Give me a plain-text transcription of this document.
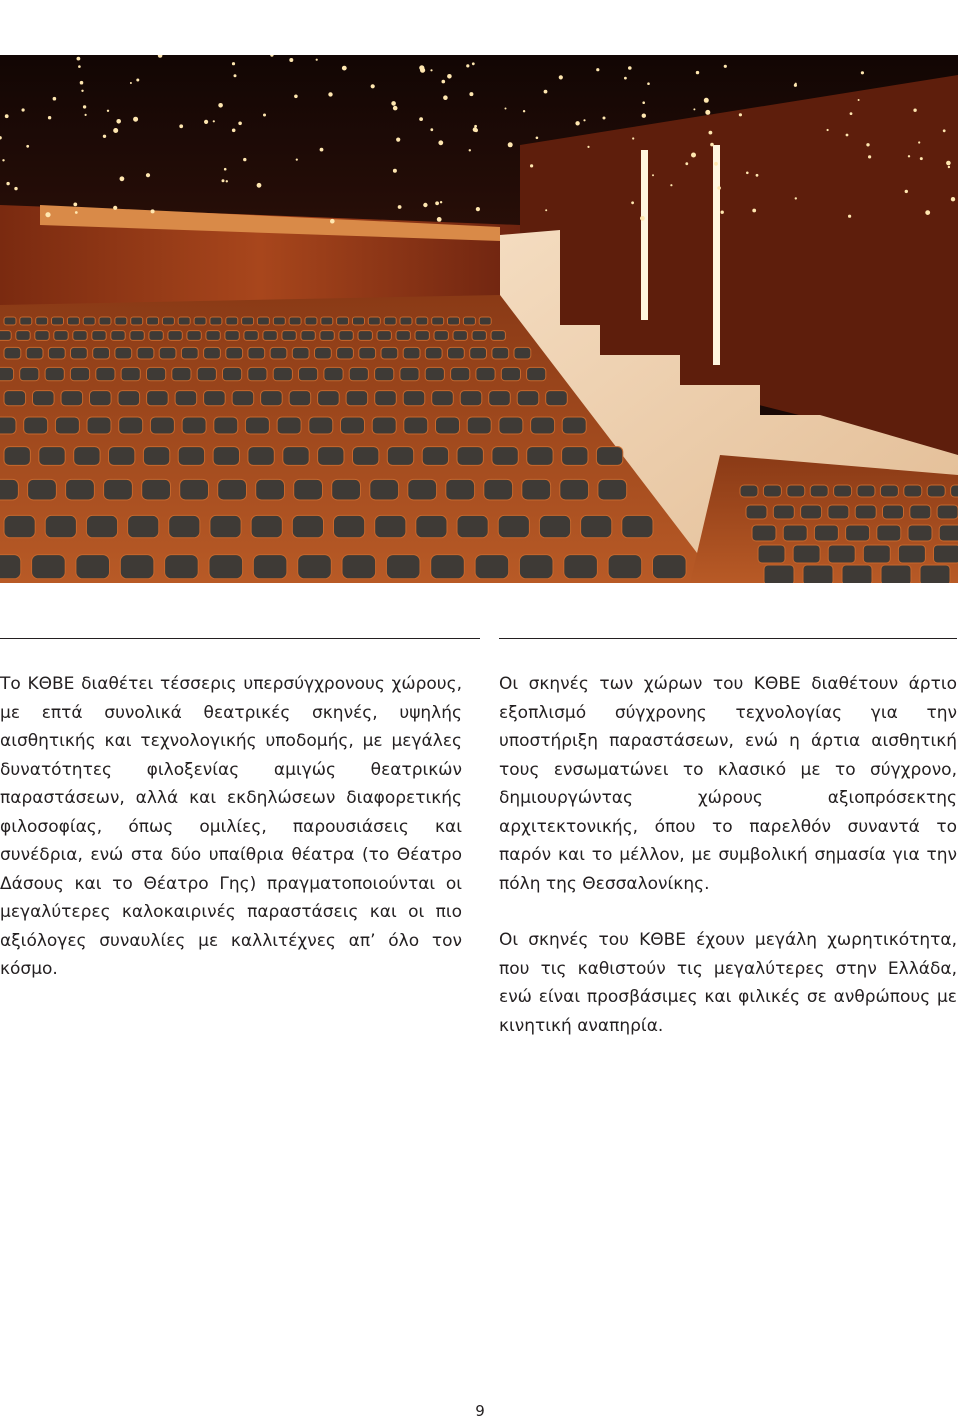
Το ΚΘΒΕ διαθέτει τέσσερις υπερσύγχρονους χώρους, με επτά συνολικά θεατρικές σκηνές, υψηλής αισθητικής και τεχνολογικής υποδομής, με μεγάλες δυνατότητες φιλοξενίας αμιγώς θεατρικών παραστάσεων, αλλά και εκδηλώσεων διαφορετικής φιλοσοφίας, όπως ομιλίες, παρουσιάσεις και συνέδρια, ενώ στα δύο υπαίθρια θέατρα (το Θέατρο Δάσους και το Θέατρο Γης) πραγματοποιούνται οι μεγαλύτερες καλοκαιρινές παραστάσεις και οι πιο αξιόλογες συναυλίες με καλλιτέχνες απ’ όλο τον κόσμο.

Οι σκηνές των χώρων του ΚΘΒΕ διαθέτουν άρτιο εξοπλισμό σύγχρονης τεχνολογίας για την υποστήριξη παραστάσεων, ενώ η άρτια αισθητική τους ενσωματώνει το κλασικό με το σύγχρονο, δημιουργώντας χώρους αξιοπρόσεκτης αρχιτεκτονικής, όπου το παρελθόν συναντά το παρόν και το μέλλον, με συμβολική σημασία για την πόλη της Θεσσαλονίκης.

Οι σκηνές του ΚΘΒΕ έχουν μεγάλη χωρητικότητα, που τις καθιστούν τις μεγαλύτερες στην Ελλάδα, ενώ είναι προσβάσιμες και φιλικές σε ανθρώπους με κινητική αναπηρία.

9
